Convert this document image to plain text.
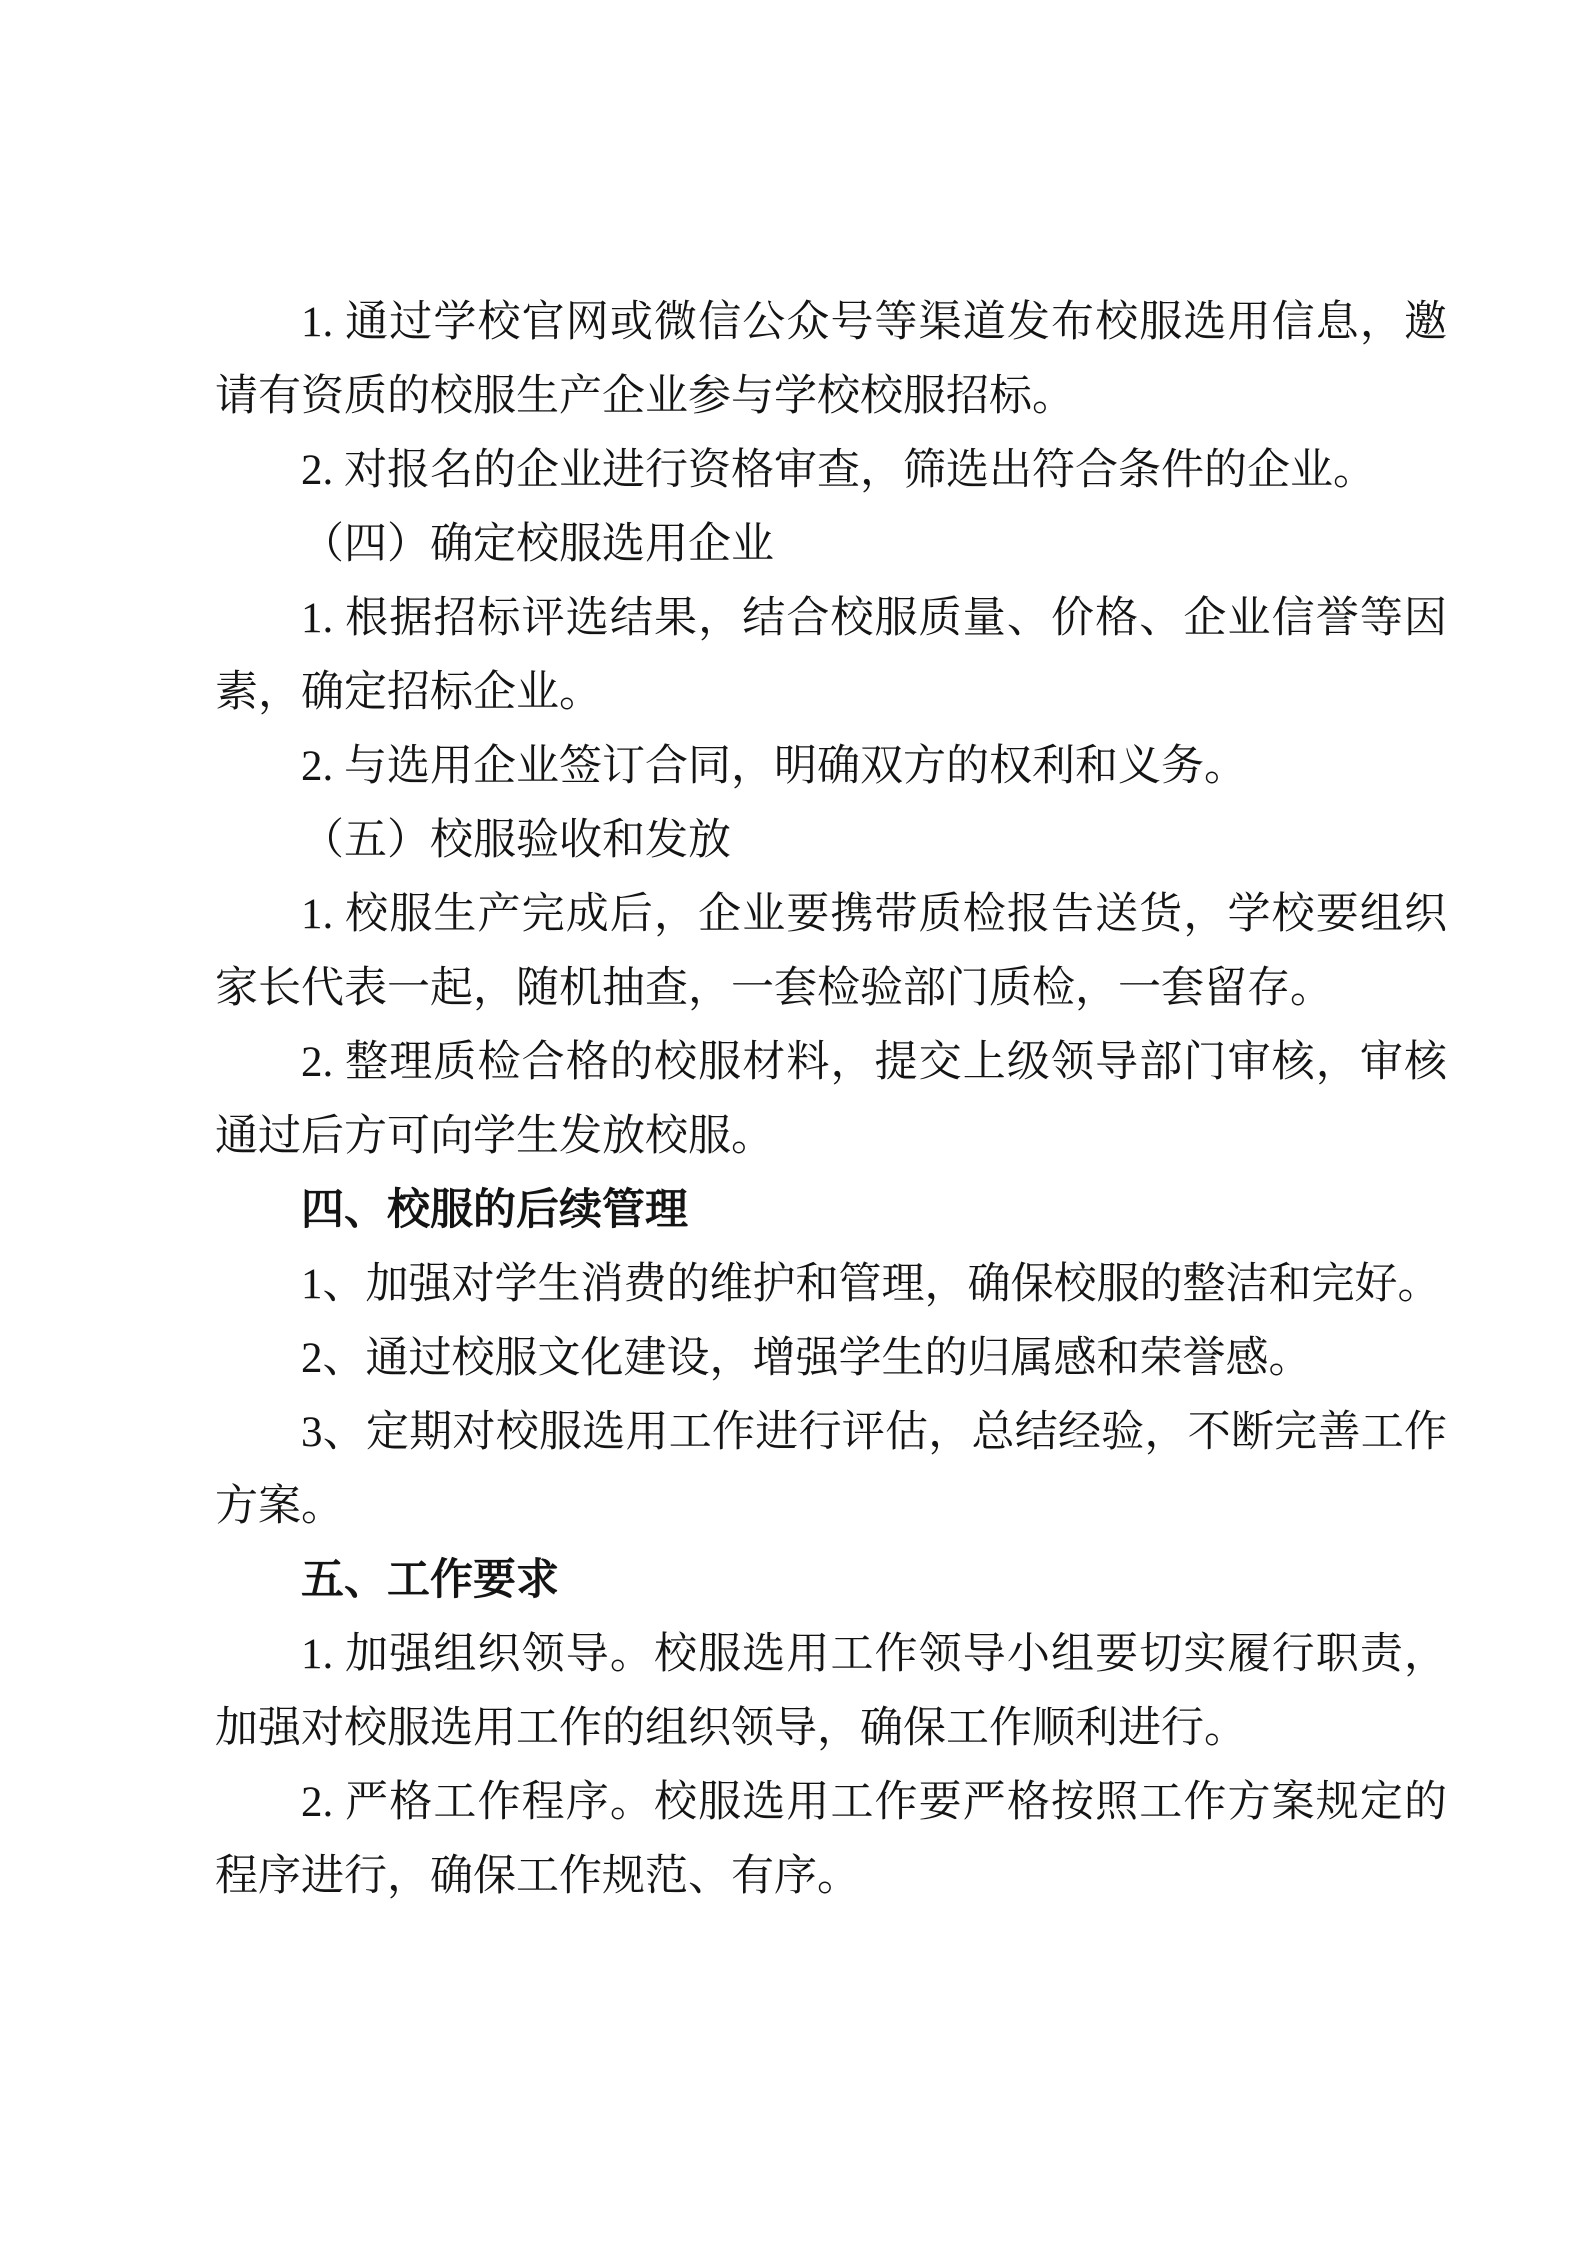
1. 通过学校官网或微信公众号等渠道发布校服选用信息，邀请有资质的校服生产企业参与学校校服招标。

2. 对报名的企业进行资格审查，筛选出符合条件的企业。

（四）确定校服选用企业

1. 根据招标评选结果，结合校服质量、价格、企业信誉等因素，确定招标企业。

2. 与选用企业签订合同，明确双方的权利和义务。

（五）校服验收和发放

1. 校服生产完成后，企业要携带质检报告送货，学校要组织家长代表一起，随机抽查，一套检验部门质检，一套留存。

2. 整理质检合格的校服材料，提交上级领导部门审核，审核通过后方可向学生发放校服。

四、校服的后续管理

1、加强对学生消费的维护和管理，确保校服的整洁和完好。

2、通过校服文化建设，增强学生的归属感和荣誉感。

3、定期对校服选用工作进行评估，总结经验，不断完善工作方案。

五、工作要求

1. 加强组织领导。校服选用工作领导小组要切实履行职责，加强对校服选用工作的组织领导，确保工作顺利进行。

2. 严格工作程序。校服选用工作要严格按照工作方案规定的程序进行，确保工作规范、有序。
